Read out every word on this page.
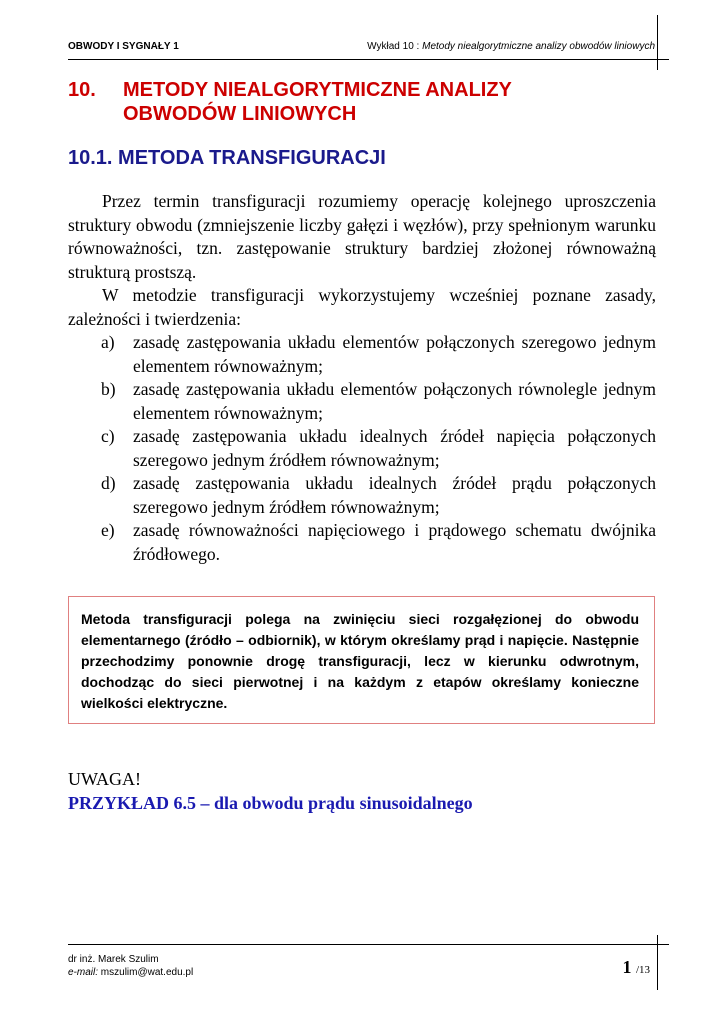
OBWODY I SYGNAŁY 1	Wykład 10 : Metody niealgorytmiczne analizy obwodów liniowych
10. METODY NIEALGORYTMICZNE ANALIZY OBWODÓW LINIOWYCH
10.1. METODA TRANSFIGURACJI

Przez termin transfiguracji rozumiemy operację kolejnego uproszczenia struktury obwodu (zmniejszenie liczby gałęzi i węzłów), przy spełnionym warunku równoważności, tzn. zastępowanie struktury bardziej złożonej równoważną strukturą prostszą.

W metodzie transfiguracji wykorzystujemy wcześniej poznane zasady, zależności i twierdzenia:

a) zasadę zastępowania układu elementów połączonych szeregowo jednym elementem równoważnym;
b) zasadę zastępowania układu elementów połączonych równolegle jednym elementem równoważnym;
c) zasadę zastępowania układu idealnych źródeł napięcia połączonych szeregowo jednym źródłem równoważnym;
d) zasadę zastępowania układu idealnych źródeł prądu połączonych szeregowo jednym źródłem równoważnym;
e) zasadę równoważności napięciowego i prądowego schematu dwójnika źródłowego.

Metoda transfiguracji polega na zwinięciu sieci rozgałęzionej do obwodu elementarnego (źródło – odbiornik), w którym określamy prąd i napięcie. Następnie przechodzimy ponownie drogę transfiguracji, lecz w kierunku odwrotnym, dochodząc do sieci pierwotnej i na każdym z etapów określamy konieczne wielkości elektryczne.

UWAGA!
PRZYKŁAD 6.5 – dla obwodu prądu sinusoidalnego
dr inż. Marek Szulim
e-mail: mszulim@wat.edu.pl	1 /13
